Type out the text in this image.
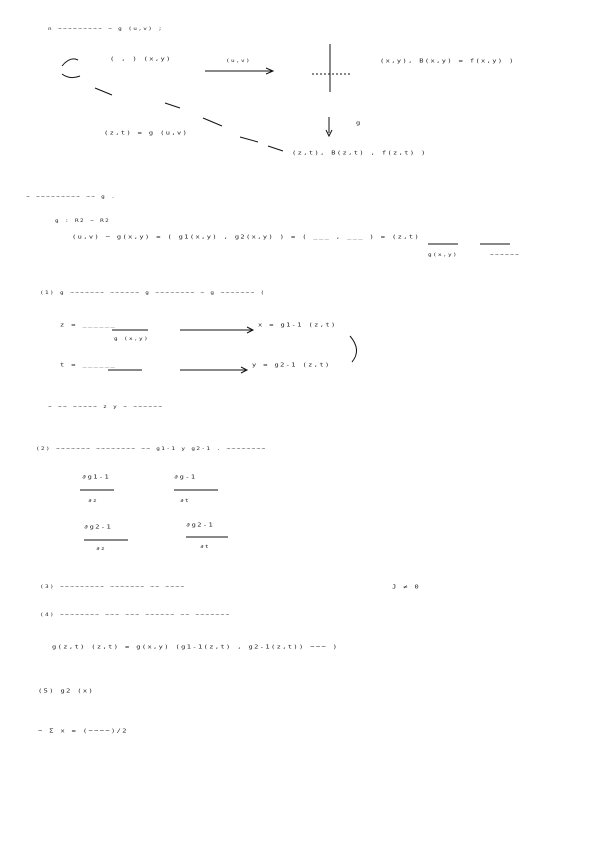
n ~~~~~~~~~ ~ g (u,v) ;
( , ) (x,y)	(u,v)	(x,y), B(x,y) = f(x,y) )
(z,t) = g (u,v)
g
(z,t), B(z,t) , f(z,t) )
~ ~~~~~~~~~ ~~ g .
g : R2 ~ R2
(u,v) ~ g(x,y) = ( g1(x,y) , g2(x,y) ) = ( ___ , ___ ) = (z,t)
g(x,y)	~~~~~~
(1) g ~~~~~~~ ~~~~~~ g ~~~~~~~~ ~ g ~~~~~~~ (
z = ______
g (x,y)
x = g1-1 (z,t)
t = ______	y = g2-1 (z,t)
~ ~~ ~~~~~ z y ~ ~~~~~~
(2) ~~~~~~~ ~~~~~~~~ ~~ g1-1 y g2-1 . ~~~~~~~~
∂g1-1	∂g-1
∂z	∂t
∂g2-1	∂g2-1
∂z	∂t
(3) ~~~~~~~~~ ~~~~~~~ ~~ ~~~~	J ≠ 0
(4) ~~~~~~~~ ~~~ ~~~ ~~~~~~ ~~ ~~~~~~~
g(z,t) (z,t) = g(x,y) (g1-1(z,t) , g2-1(z,t)) ~~~ )
(5) g2 (x)
~ Σ x = (~~~~)/2
